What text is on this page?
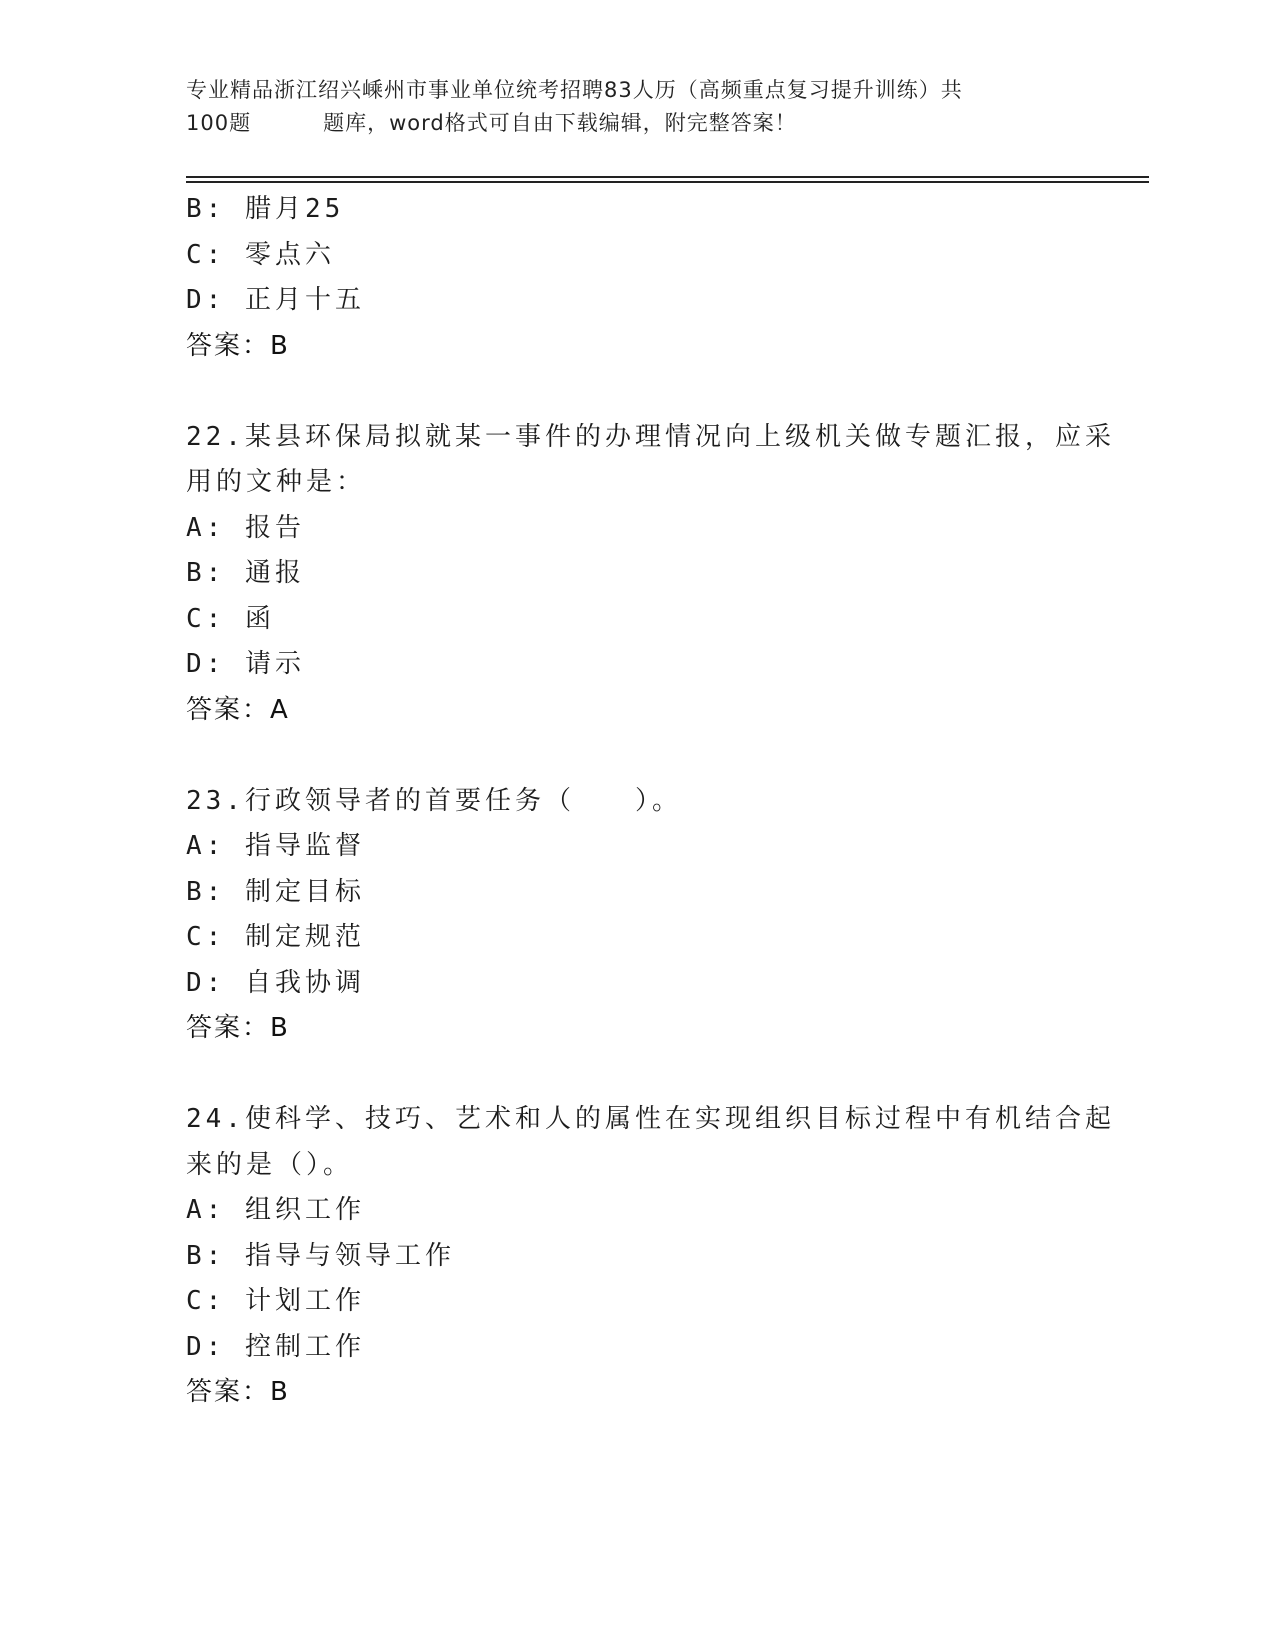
专业精品浙江绍兴嵊州市事业单位统考招聘83人历（高频重点复习提升训练）共
100题	题库，word格式可自由下载编辑，附完整答案！
B: 腊月25
C: 零点六
D: 正月十五
答案：B
22.某县环保局拟就某一事件的办理情况向上级机关做专题汇报，应采
用的文种是：
A: 报告
B: 通报
C: 函
D: 请示
答案：A
23.行政领导者的首要任务（　　）。
A: 指导监督
B: 制定目标
C: 制定规范
D: 自我协调
答案：B
24.使科学、技巧、艺术和人的属性在实现组织目标过程中有机结合起
来的是（）。
A: 组织工作
B: 指导与领导工作
C: 计划工作
D: 控制工作
答案：B
